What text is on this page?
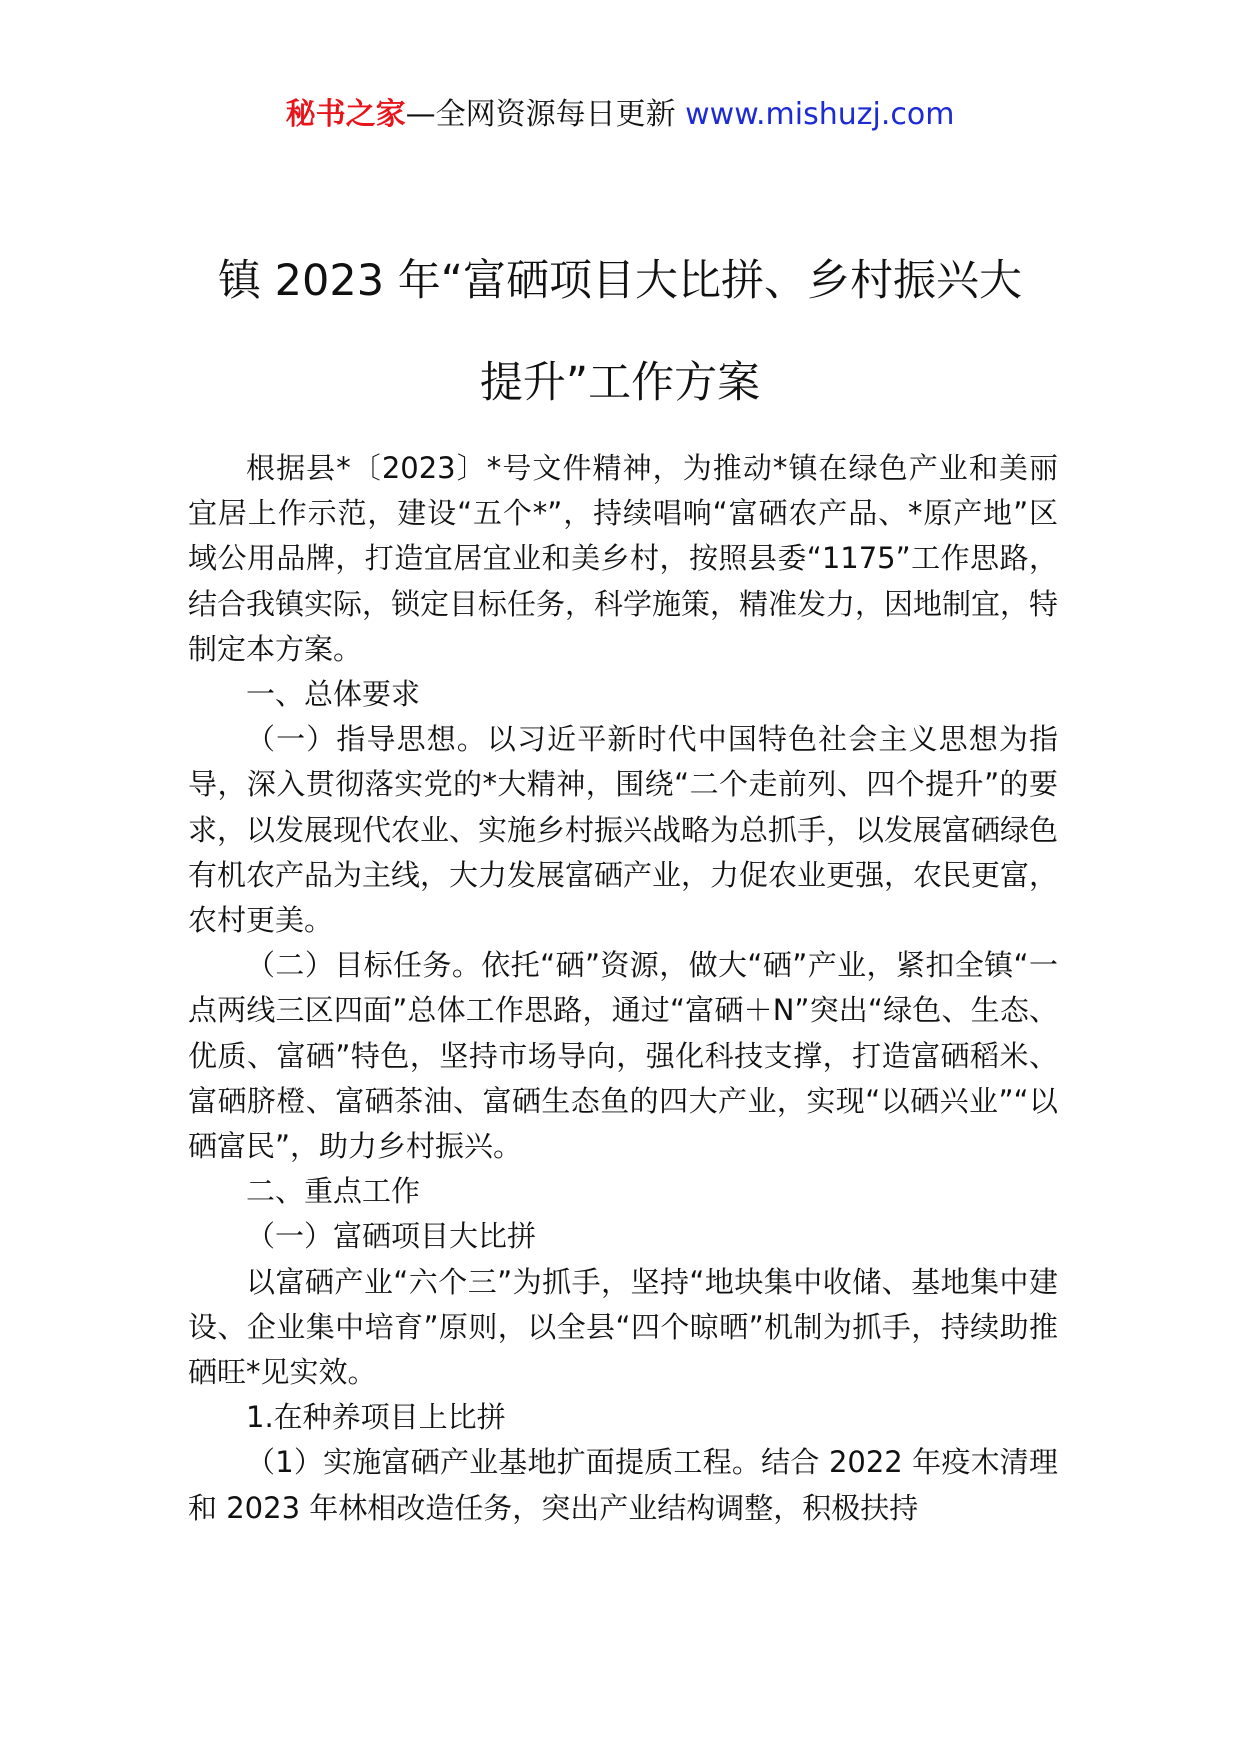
秘书之家—全网资源每日更新 www.mishuzj.com
镇 2023 年“富硒项目大比拼、乡村振兴大
提升”工作方案

根据县*〔2023〕*号文件精神，为推动*镇在绿色产业和美丽宜居上作示范，建设“五个*”，持续唱响“富硒农产品、*原产地”区域公用品牌，打造宜居宜业和美乡村，按照县委“1175”工作思路，结合我镇实际，锁定目标任务，科学施策，精准发力，因地制宜，特制定本方案。

一、总体要求

（一）指导思想。以习近平新时代中国特色社会主义思想为指导，深入贯彻落实党的*大精神，围绕“二个走前列、四个提升”的要求，以发展现代农业、实施乡村振兴战略为总抓手，以发展富硒绿色有机农产品为主线，大力发展富硒产业，力促农业更强，农民更富，农村更美。

（二）目标任务。依托“硒”资源，做大“硒”产业，紧扣全镇“一点两线三区四面”总体工作思路，通过“富硒＋N”突出“绿色、生态、优质、富硒”特色，坚持市场导向，强化科技支撑，打造富硒稻米、富硒脐橙、富硒茶油、富硒生态鱼的四大产业，实现“以硒兴业”“以硒富民”，助力乡村振兴。

二、重点工作

（一）富硒项目大比拼

以富硒产业“六个三”为抓手，坚持“地块集中收储、基地集中建设、企业集中培育”原则，以全县“四个晾晒”机制为抓手，持续助推硒旺*见实效。

1.在种养项目上比拼

（1）实施富硒产业基地扩面提质工程。结合 2022 年疫木清理和 2023 年林相改造任务，突出产业结构调整，积极扶持
